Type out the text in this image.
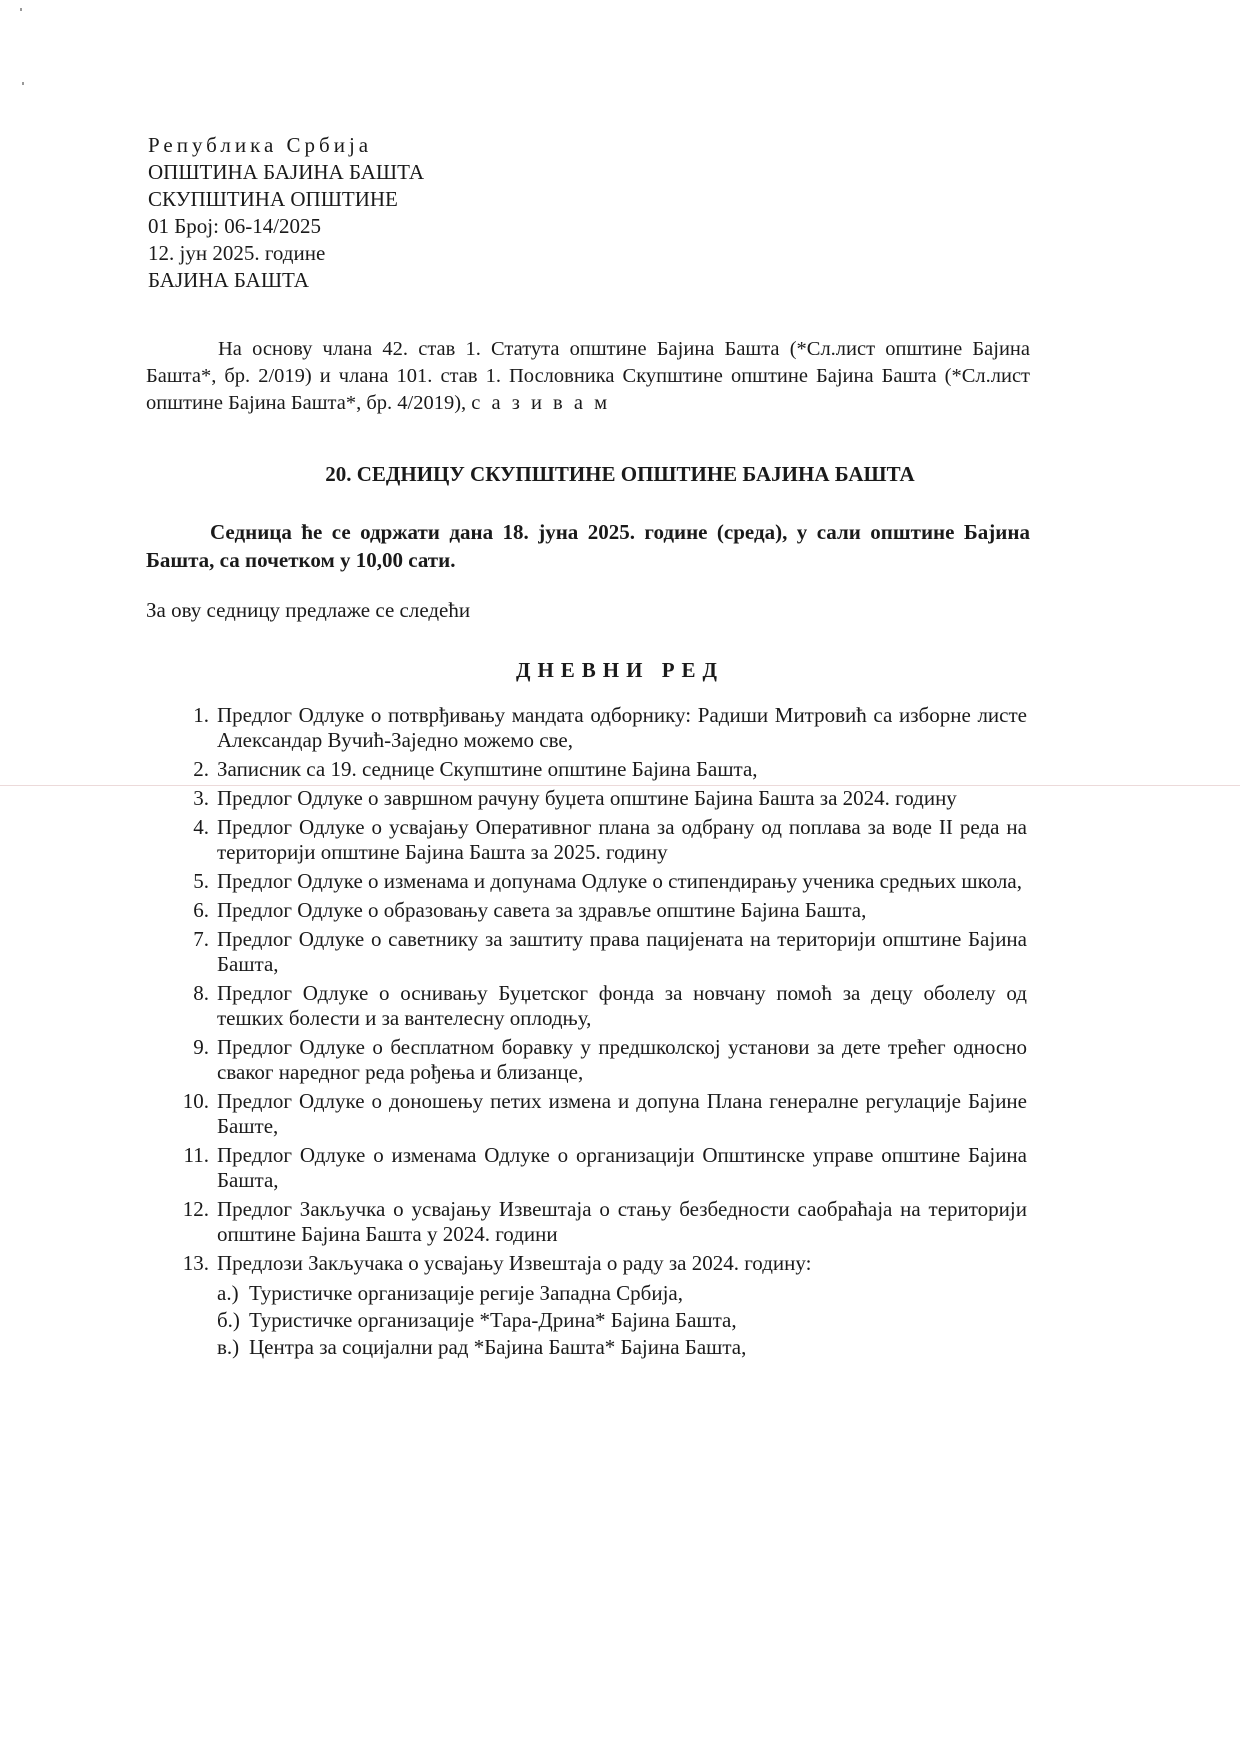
Република Србија
ОПШТИНА БАЈИНА БАШТА
СКУПШТИНА ОПШТИНЕ
01 Број: 06-14/2025
12. јун 2025. године
БАЈИНА БАШТА
На основу члана 42. став 1. Статута општине Бајина Башта (*Сл.лист општине Бајина Башта*, бр. 2/019) и члана 101. став 1. Пословника Скупштине општине Бајина Башта (*Сл.лист општине Бајина Башта*, бр. 4/2019), с а з и в а м
20. СЕДНИЦУ СКУПШТИНЕ ОПШТИНЕ БАЈИНА БАШТА
Седница ће се одржати дана 18. јуна 2025. године (среда), у сали општине Бајина Башта, са почетком у 10,00 сати.
За ову седницу предлаже се следећи
ДНЕВНИ РЕД
1. Предлог Одлуке о потврђивању мандата одборнику: Радиши Митровић са изборне листе Александар Вучић-Заједно можемо све,
2. Записник са 19. седнице Скупштине општине Бајина Башта,
3. Предлог Одлуке о завршном рачуну буџета општине Бајина Башта за 2024. годину
4. Предлог Одлуке о усвајању Оперативног плана за одбрану од поплава за воде II реда на територији општине Бајина Башта за 2025. годину
5. Предлог Одлуке о изменама и допунама Одлуке о стипендирању ученика средњих школа,
6. Предлог Одлуке о образовању савета за здравље општине Бајина Башта,
7. Предлог Одлуке о саветнику за заштиту права пацијената на територији општине Бајина Башта,
8. Предлог Одлуке о оснивању Буџетског фонда за новчану помоћ за децу оболелу од тешких болести и за вантелесну оплодњу,
9. Предлог Одлуке о бесплатном боравку у предшколској установи за дете трећег односно сваког наредног реда рођења и близанце,
10. Предлог Одлуке о доношењу петих измена и допуна Плана генералне регулације Бајине Баште,
11. Предлог Одлуке о изменама Одлуке о организацији Општинске управе општине Бајина Башта,
12. Предлог Закључка о усвајању Извештаја о стању безбедности саобраћаја на територији општине Бајина Башта у 2024. години
13. Предлози Закључака о усвајању Извештаја о раду за 2024. годину:
а.) Туристичке организације регије Западна Србија,
б.) Туристичке организације *Тара-Дрина* Бајина Башта,
в.) Центра за социјални рад *Бајина Башта* Бајина Башта,
